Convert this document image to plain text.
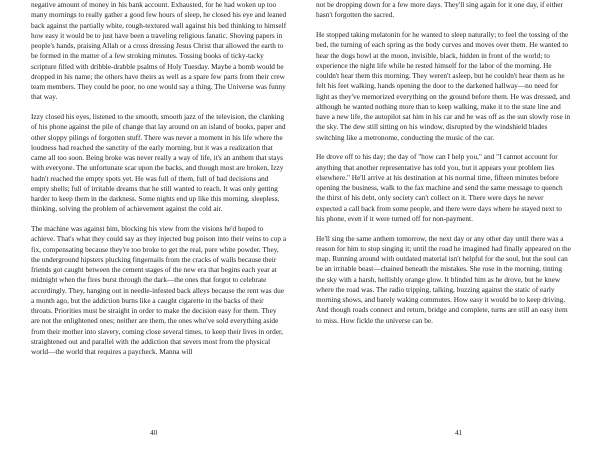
negative amount of money in his bank account. Exhausted, for he had woken up too many mornings to really gather a good few hours of sleep, he closed his eye and leaned back against the partially white, rough-textured wall against his bed thinking to himself how easy it would be to just have been a traveling religious fanatic. Shoving papers in people's hands, praising Allah or a cross dressing Jesus Christ that allowed the earth to be formed in the matter of a few stroking minutes. Tossing books of ticky-tacky scripture filled with dribble-drabble psalms of Holy Tuesday. Maybe a bomb would be dropped in his name; the others have theirs as well as a spare few parts from their crew team members. They could be poor, no one would say a thing. The Universe was funny that way.

Izzy closed his eyes, listened to the smooth, smooth jazz of the television, the clanking of his phone against the pile of change that lay around on an island of books, paper and other sloppy pilings of forgotten stuff. There was never a moment in his life where the loudness had reached the sanctity of the early morning, but it was a realization that came all too soon. Being broke was never really a way of life, it's an anthem that stays with everyone. The unfortunate scar upon the backs, and though most are broken, Izzy hadn't reached the empty spots yet. He was full of them, full of bad decisions and empty shells; full of irritable dreams that he still wanted to reach. It was only getting harder to keep them in the darkness. Some nights end up like this morning, sleepless, thinking, solving the problem of achievement against the cold air.

The machine was against him, blocking his view from the visions he'd hoped to achieve. That's what they could say as they injected bug poison into their veins to cop a fix, compensating because they're too broke to get the real, pure white powder. They, the underground hipsters plucking fingernails from the cracks of walls because their friends got caught between the cement stages of the new era that begins each year at midnight when the fires burst through the dark—the ones that forgot to celebrate accordingly. They, hanging out in needle-infested back alleys because the rent was due a month ago, but the addiction burns like a caught cigarette in the backs of their throats. Priorities must be straight in order to make the decision easy for them. They are not the enlightened ones; neither are them, the ones who've sold everything aside from their mother into slavery, coming close several times, to keep their lives in order, straightened out and parallel with the addiction that severs most from the physical world—the world that requires a paycheck. Manna will

40

not be dropping down for a few more days. They'll sing again for it one day, if either hasn't forgotten the sacred.

He stopped taking melatonin for he wanted to sleep naturally; to feel the tossing of the bed, the turning of each spring as the body curves and moves over them. He wanted to hear the dogs howl at the moon, invisible, black, hidden in front of the world; to experience the night life while he rested himself for the labor of the morning. He couldn't hear them this morning. They weren't asleep, but he couldn't hear them as he felt his feet walking, hands opening the door to the darkened hallway—no need for light as they've memorized everything on the ground before them. He was dressed, and although he wanted nothing more than to keep walking, make it to the state line and have a new life, the autopilot sat him in his car and he was off as the sun slowly rose in the sky. The dew still sitting on his window, disrupted by the windshield blades switching like a metronome, conducting the music of the car.

He drove off to his day; the day of "how can I help you," and "I cannot account for anything that another representative has told you, but it appears your problem lies elsewhere." He'll arrive at his destination at his normal time, fifteen minutes before opening the business, walk to the fax machine and send the same message to quench the thirst of his debt, only society can't collect on it. There were days he never expected a call back from some people, and there were days where he stayed next to his phone, even if it were turned off for non-payment.

He'll sing the same anthem tomorrow, the next day or any other day until there was a reason for him to stop singing it; until the road he imagined had finally appeared on the map. Running around with outdated material isn't helpful for the soul, but the soul can be an irritable beast—chained beneath the mistakes. She rose in the morning, tinting the sky with a harsh, hellishly orange glow. It blinded him as he drove, but he knew where the road was. The radio tripping, talking, buzzing against the static of early morning shows, and barely waking commutes. How easy it would be to keep driving. And though roads connect and return, bridge and complete, turns are still an easy item to miss. How fickle the universe can be.

41
